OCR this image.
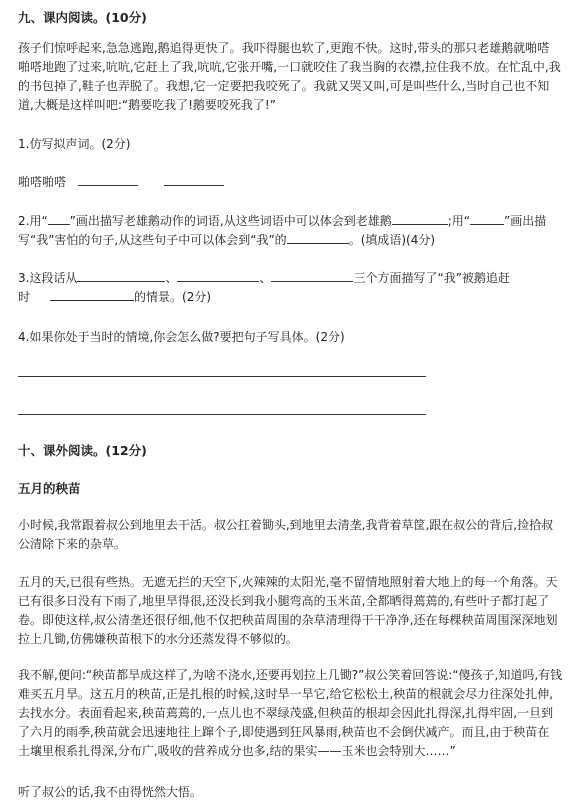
九、课内阅读。(10分)
孩子们惊呼起来,急急逃跑,鹅追得更快了。我吓得腿也软了,更跑不快。这时,带头的那只老雄鹅就啪嗒
啪嗒地跑了过来,吭吭,它赶上了我,吭吭,它张开嘴,一口就咬住了我当胸的衣襟,拉住我不放。在忙乱中,我
的书包掉了,鞋子也弄脱了。我想,它一定要把我咬死了。我就又哭又叫,可是叫些什么,当时自己也不知
道,大概是这样叫吧:“鹅要吃我了!鹅要咬死我了!”
1.仿写拟声词。(2分)
啪嗒啪嗒
2.用“ ”画出描写老雄鹅动作的词语,从这些词语中可以体会到老雄鹅	;用“	”画出描
写“我”害怕的句子,从这些句子中可以体会到“我”的	。(填成语)(4分)
3.这段话从	、	、	三个方面描写了“我”被鹅追赶
时	的情景。(2分)
4.如果你处于当时的情境,你会怎么做?要把句子写具体。(2分)
十、课外阅读。(12分)
五月的秧苗
小时候,我常跟着叔公到地里去干活。叔公扛着锄头,到地里去清垄,我背着草筐,跟在叔公的背后,捡拾叔
公清除下来的杂草。
五月的天,已很有些热。无遮无拦的天空下,火辣辣的太阳光,毫不留情地照射着大地上的每一个角落。天
已有很多日没有下雨了,地里旱得很,还没长到我小腿弯高的玉米苗,全都晒得蔫蔫的,有些叶子都打起了
卷。即使这样,叔公清垄还很仔细,他不仅把秧苗周围的杂草清理得干干净净,还在每棵秧苗周围深深地划
拉上几锄,仿佛嫌秧苗根下的水分还蒸发得不够似的。
我不解,便问:“秧苗都旱成这样了,为啥不浇水,还要再划拉上几锄?”叔公笑着回答说:“傻孩子,知道吗,有钱
难买五月旱。这五月的秧苗,正是扎根的时候,这时旱一旱它,给它松松土,秧苗的根就会尽力往深处扎伸,
去找水分。表面看起来,秧苗蔫蔫的,一点儿也不翠绿茂盛,但秧苗的根却会因此扎得深,扎得牢固,一旦到
了六月的雨季,秧苗就会迅速地往上蹿个子,即使遇到狂风暴雨,秧苗也不会倒伏减产。而且,由于秧苗在
土壤里根系扎得深,分布广,吸收的营养成分也多,结的果实——玉米也会特别大……”
听了叔公的话,我不由得恍然大悟。
